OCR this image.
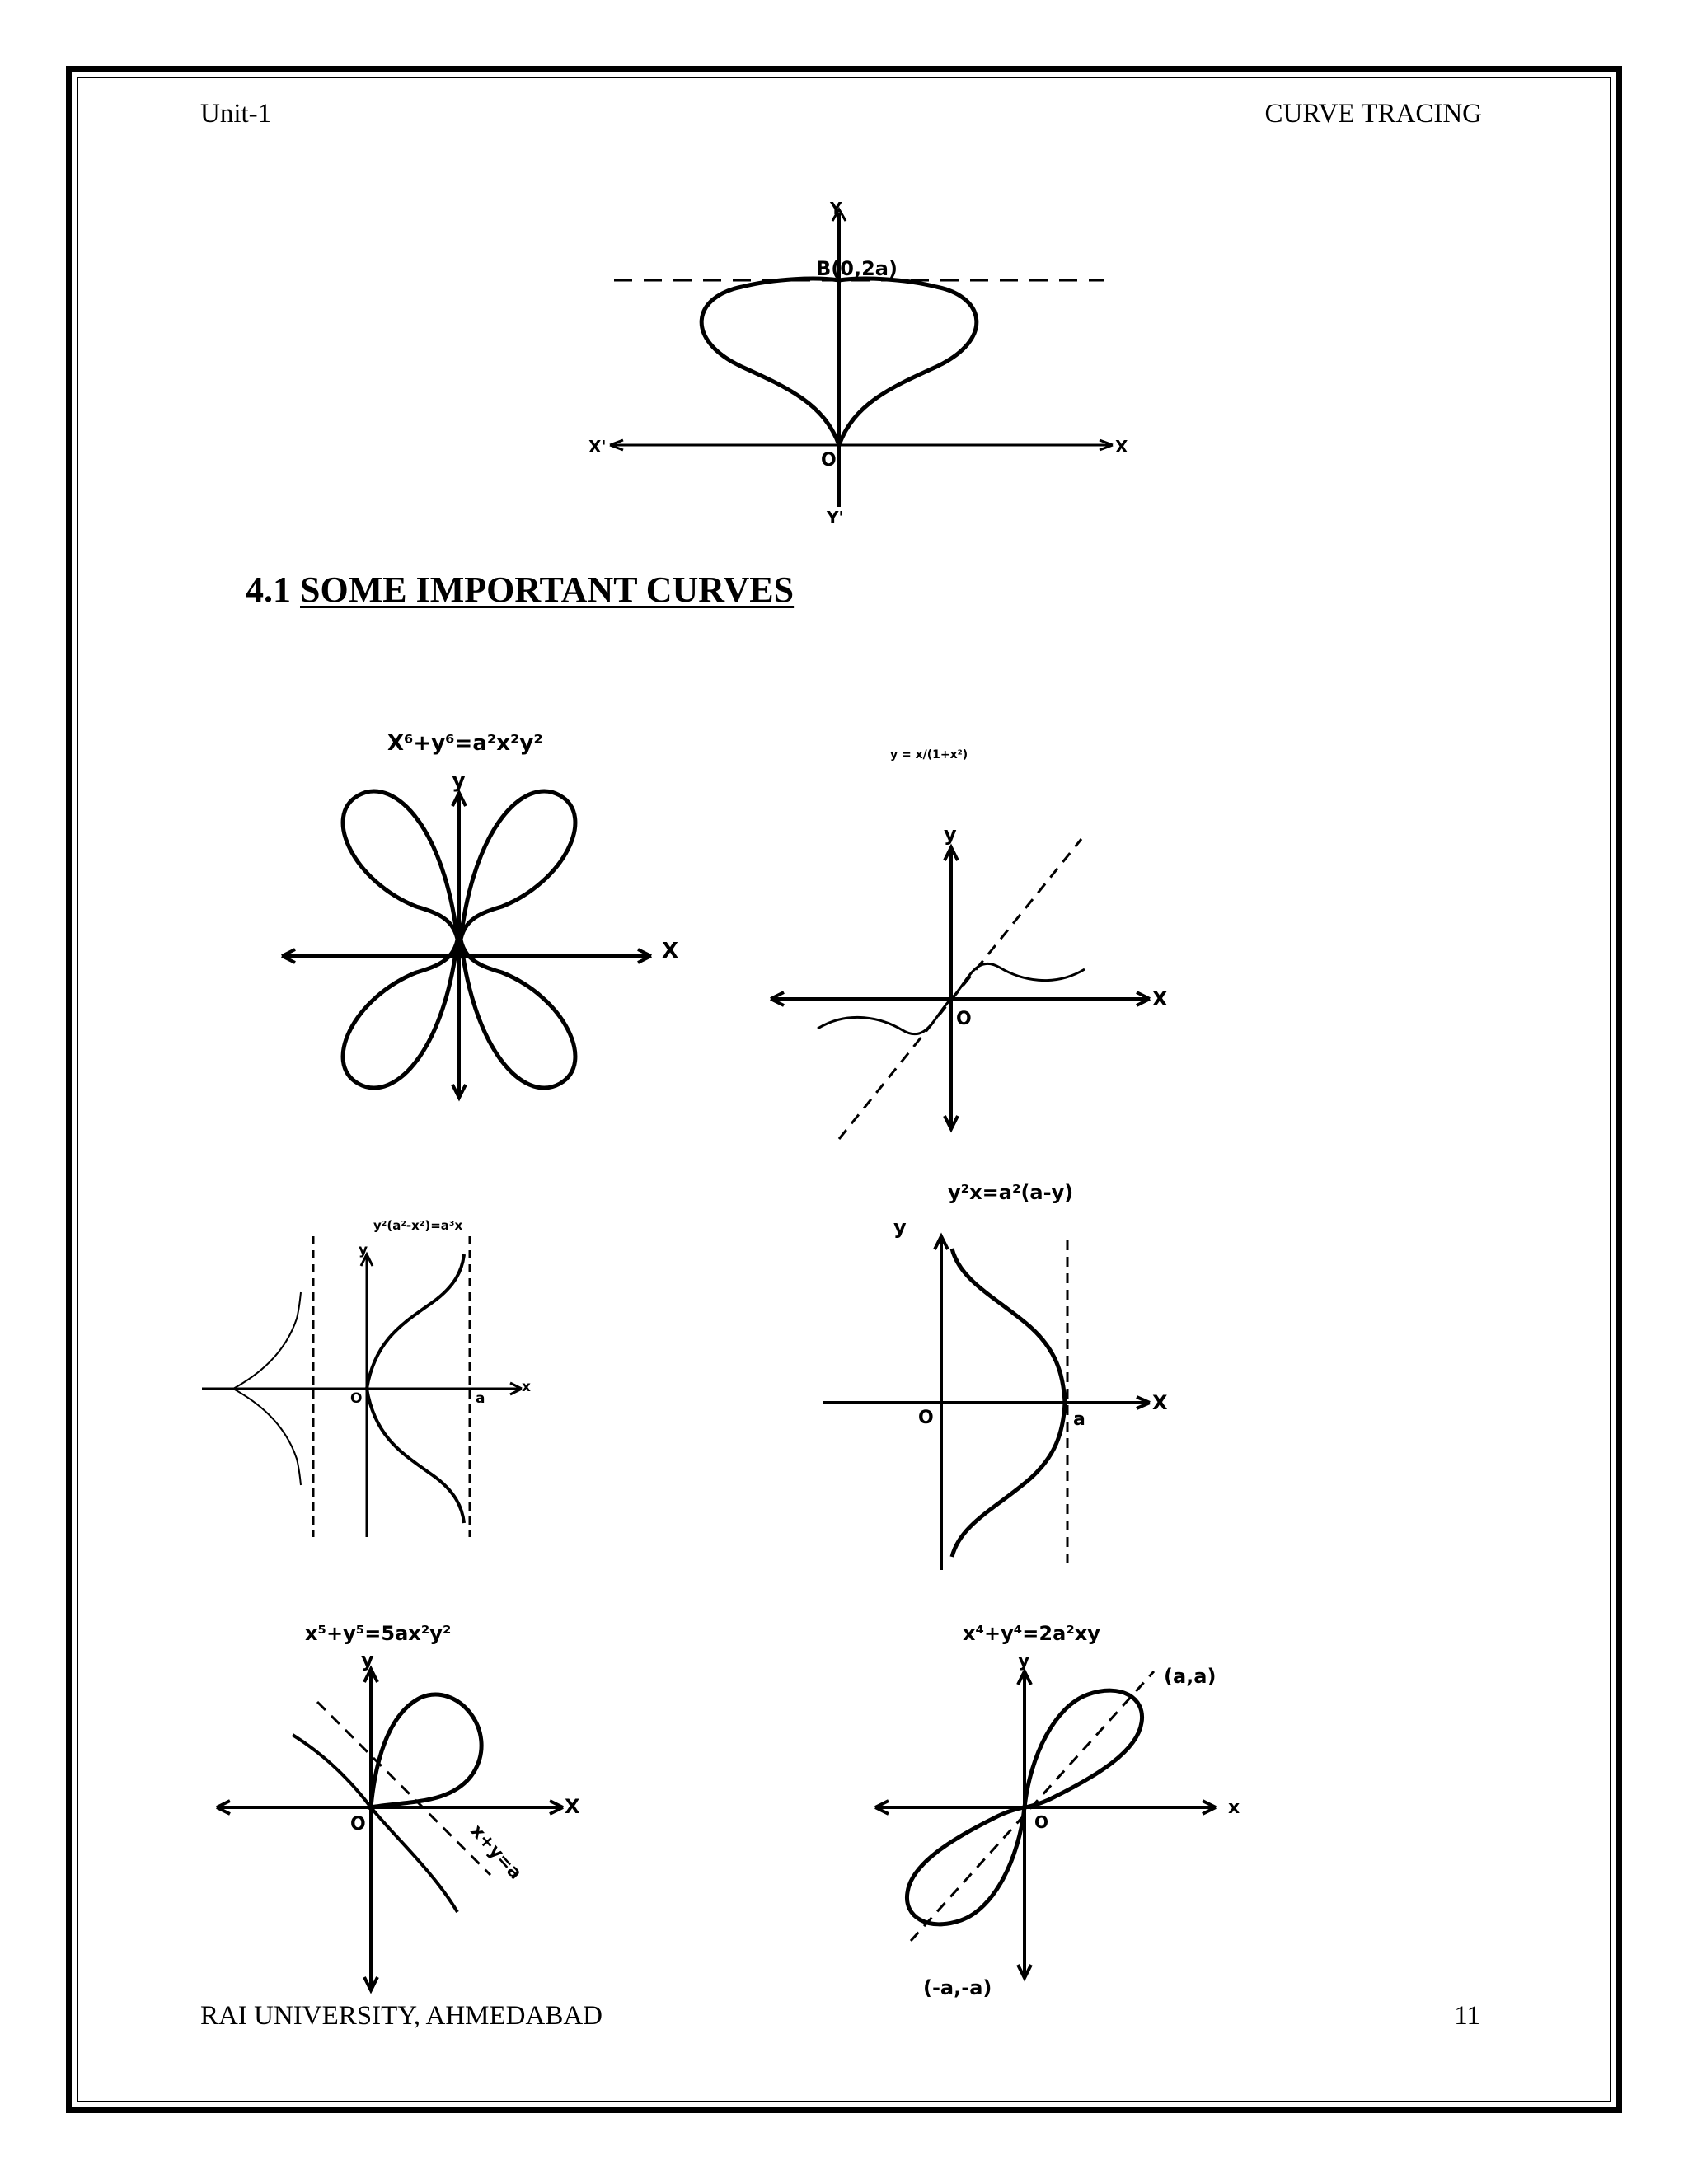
Unit-1	CURVE TRACING
B(0,2a)
Y
Y'
X
X'
O
4.1 SOME IMPORTANT CURVES
X⁶+y⁶=a²x²y²
y
X
y = x/(1+x²)
y
X
O
y²(a²-x²)=a³x
y
x
O	a
y²x=a²(a-y)
y
X
O	a
x⁵+y⁵=5ax²y²
y
X
O	x+y=a
x⁴+y⁴=2a²xy
y
x
O
(a,a)
(-a,-a)
RAI UNIVERSITY, AHMEDABAD	11
